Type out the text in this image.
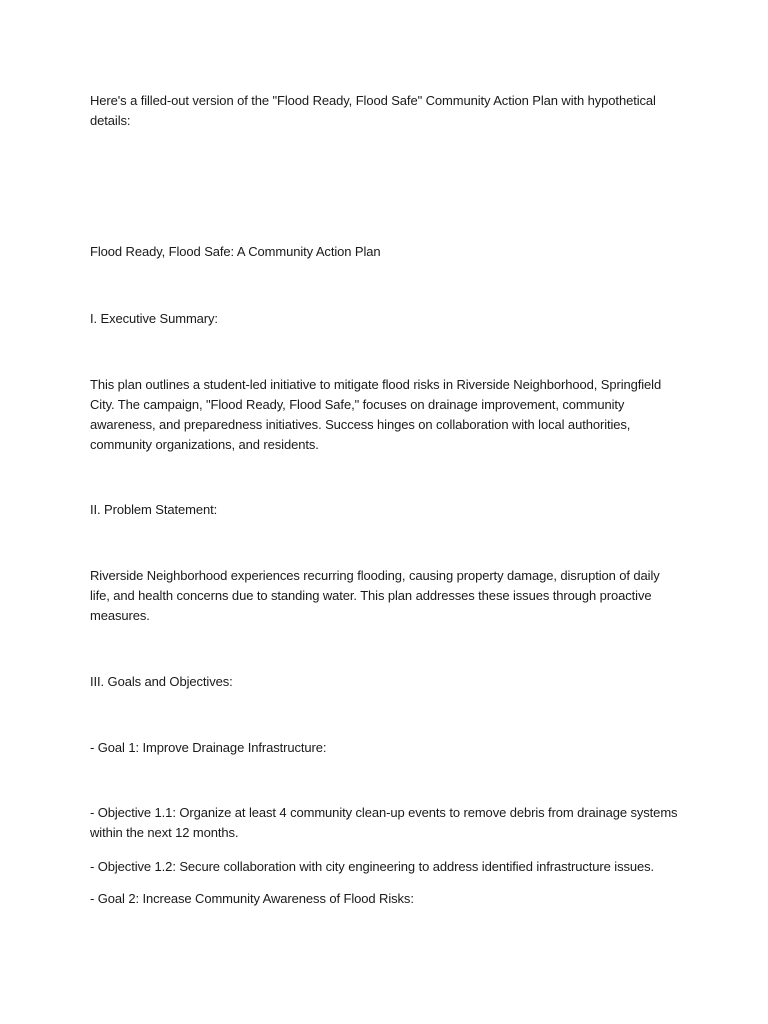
Here's a filled-out version of the "Flood Ready, Flood Safe" Community Action Plan with hypothetical details:

Flood Ready, Flood Safe: A Community Action Plan

I. Executive Summary:

This plan outlines a student-led initiative to mitigate flood risks in Riverside Neighborhood, Springfield City. The campaign, "Flood Ready, Flood Safe," focuses on drainage improvement, community awareness, and preparedness initiatives. Success hinges on collaboration with local authorities, community organizations, and residents.

II. Problem Statement:

Riverside Neighborhood experiences recurring flooding, causing property damage, disruption of daily life, and health concerns due to standing water. This plan addresses these issues through proactive measures.

III. Goals and Objectives:

- Goal 1: Improve Drainage Infrastructure:

- Objective 1.1: Organize at least 4 community clean-up events to remove debris from drainage systems within the next 12 months.

- Objective 1.2: Secure collaboration with city engineering to address identified infrastructure issues.

- Goal 2: Increase Community Awareness of Flood Risks:
